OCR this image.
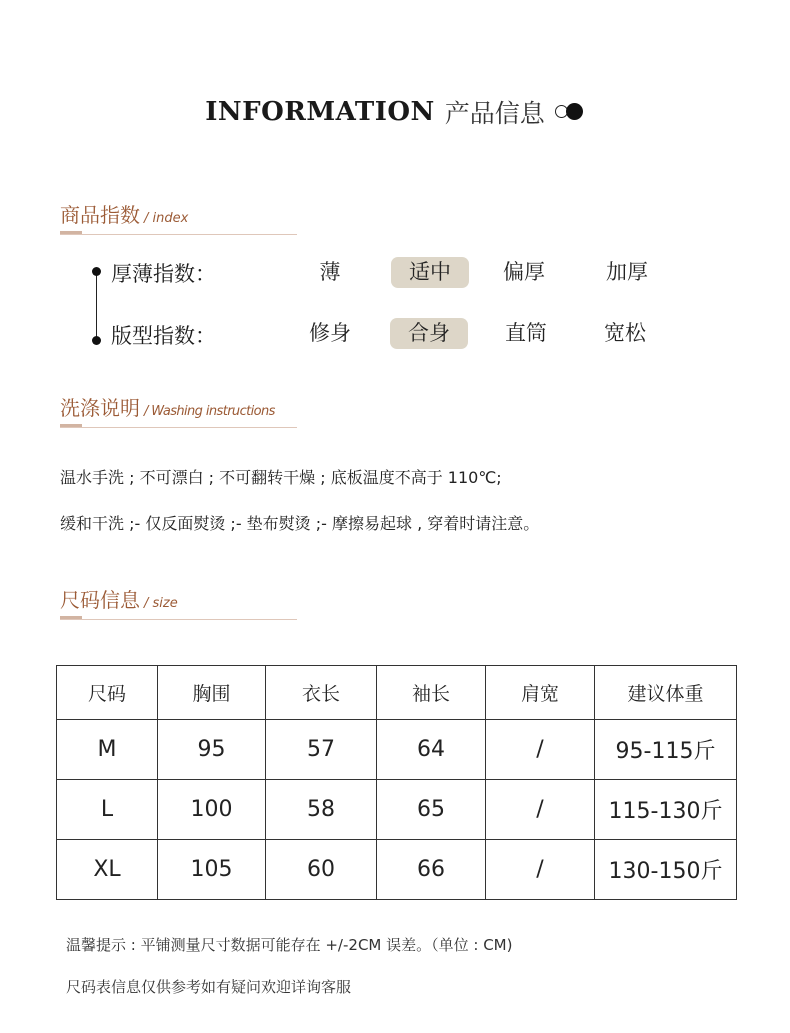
INFORMATION 产品信息
商品指数 / index
厚薄指数：	薄	适中	偏厚	加厚
版型指数：	修身	合身	直筒	宽松
洗涤说明 / Washing instructions
温水手洗 ; 不可漂白 ; 不可翻转干燥 ; 底板温度不高于 110℃;
缓和干洗 ;- 仅反面熨烫 ;- 垫布熨烫 ;- 摩擦易起球 , 穿着时请注意。
尺码信息 / size
尺码	胸围	衣长	袖长	肩宽	建议体重
M	95	57	64	/	95-115斤
L	100	58	65	/	115-130斤
XL	105	60	66	/	130-150斤
温馨提示 : 平铺测量尺寸数据可能存在 +/-2CM 误差。（单位 : CM)
尺码表信息仅供参考如有疑问欢迎详询客服
